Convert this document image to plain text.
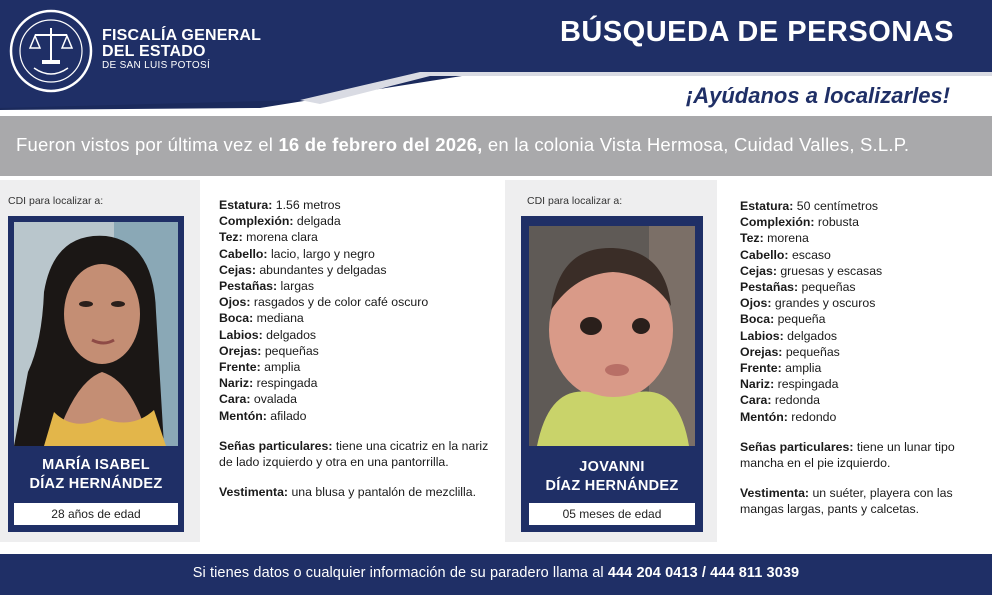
FISCALÍA GENERAL
DEL ESTADO
DE SAN LUIS POTOSÍ
BÚSQUEDA DE PERSONAS
¡Ayúdanos a localizarles!
Fueron vistos por última vez el 16 de febrero del 2026, en la colonia Vista Hermosa, Cuidad Valles, S.L.P.
CDI para localizar a:
MARÍA ISABEL
DÍAZ HERNÁNDEZ
28 años de edad
Estatura: 1.56 metros
Complexión: delgada
Tez: morena clara
Cabello: lacio, largo y negro
Cejas: abundantes y delgadas
Pestañas: largas
Ojos: rasgados y de color café oscuro
Boca: mediana
Labios: delgados
Orejas: pequeñas
Frente: amplia
Nariz: respingada
Cara: ovalada
Mentón: afilado
Señas particulares: tiene una cicatriz en la nariz de lado izquierdo y otra en una pantorrilla.
Vestimenta: una blusa y pantalón de mezclilla.
CDI para localizar a:
JOVANNI
DÍAZ HERNÁNDEZ
05 meses de edad
Estatura: 50 centímetros
Complexión: robusta
Tez: morena
Cabello: escaso
Cejas: gruesas y escasas
Pestañas: pequeñas
Ojos: grandes y oscuros
Boca: pequeña
Labios: delgados
Orejas: pequeñas
Frente: amplia
Nariz: respingada
Cara: redonda
Mentón: redondo
Señas particulares: tiene un lunar tipo mancha en el pie izquierdo.
Vestimenta: un suéter, playera con las mangas largas, pants y calcetas.
Si tienes datos o cualquier información de su paradero llama al 444 204 0413 / 444 811 3039
